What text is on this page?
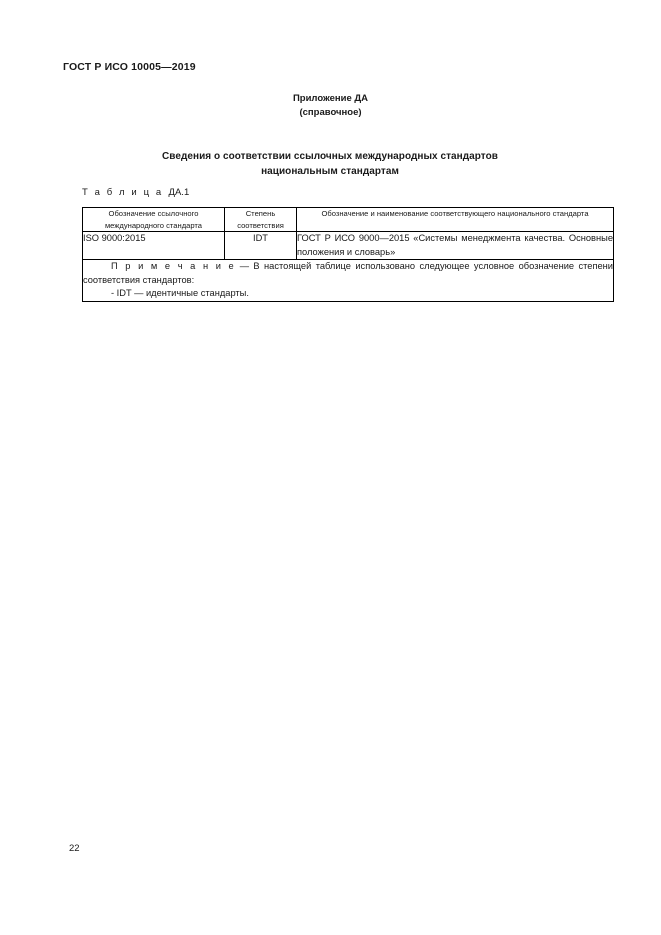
ГОСТ Р ИСО 10005—2019
Приложение ДА
(справочное)
Сведения о соответствии ссылочных международных стандартов
национальным стандартам
Т а б л и ц а ДА.1
Обозначение ссылочного международного стандарта	Степень соответствия	Обозначение и наименование соответствующего национального стандарта
ISO 9000:2015	IDT	ГОСТ Р ИСО 9000—2015 «Системы менеджмента качества. Основные положения и словарь»

П р и м е ч а н и е — В настоящей таблице использовано следующее условное обозначение степени соответствия стандартов:

- IDT — идентичные стандарты.		

22
